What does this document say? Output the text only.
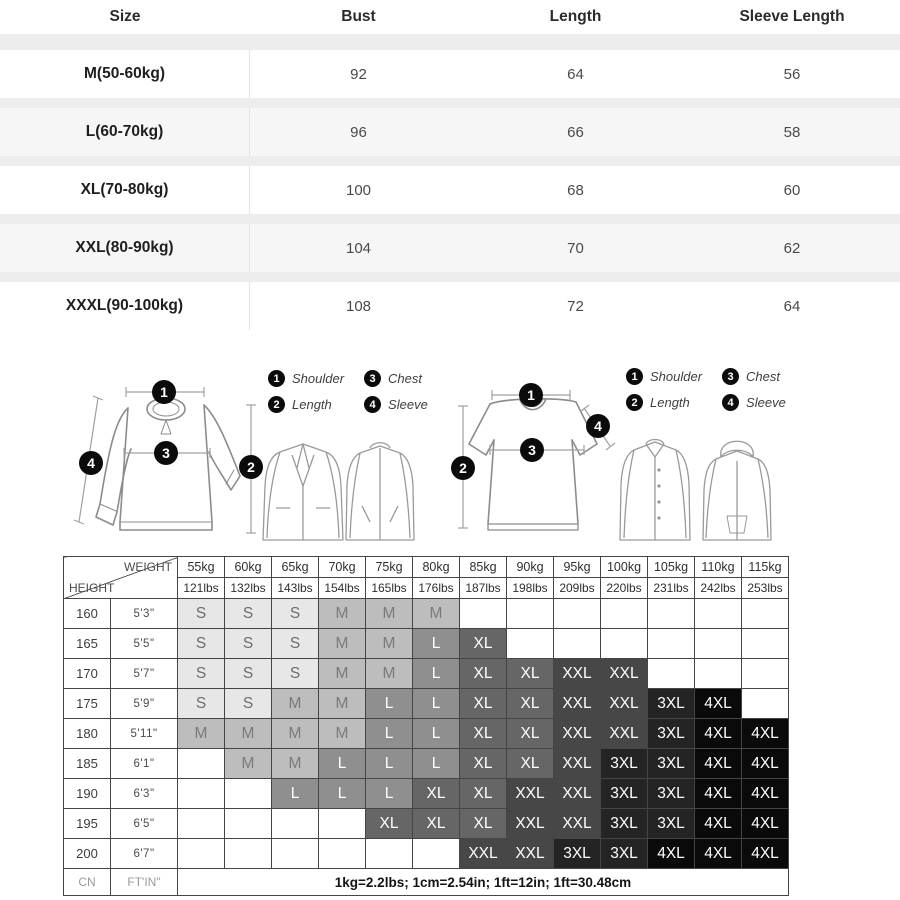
Size	Bust	Length	Sleeve Length
M(50-60kg)	92	64	56
L(60-70kg)	96	66	58
XL(70-80kg)	100	68	60
XXL(80-90kg)	104	70	62
XXXL(90-100kg)	108	72	64
1
2
3
4
1 Shoulder	3 Chest
2 Length	4 Sleeve
1
2
3
4
1 Shoulder	3 Chest
2 Length	4 Sleeve
WEIGHT
HEIGHT		55kg	60kg	65kg	70kg	75kg	80kg	85kg	90kg	95kg	100kg	105kg	110kg	115kg
		121lbs	132lbs	143lbs	154lbs	165lbs	176lbs	187lbs	198lbs	209lbs	220lbs	231lbs	242lbs	253lbs
160	5'3"	S	S	S	M	M	M							
165	5'5"	S	S	S	M	M	L	XL						
170	5'7"	S	S	S	M	M	L	XL	XL	XXL	XXL			
175	5'9"	S	S	M	M	L	L	XL	XL	XXL	XXL	3XL	4XL	
180	5'11"	M	M	M	M	L	L	XL	XL	XXL	XXL	3XL	4XL	4XL
185	6'1"		M	M	L	L	L	XL	XL	XXL	3XL	3XL	4XL	4XL
190	6'3"			L	L	L	XL	XL	XXL	XXL	3XL	3XL	4XL	4XL
195	6'5"					XL	XL	XL	XXL	XXL	3XL	3XL	4XL	4XL
200	6'7"							XXL	XXL	3XL	3XL	4XL	4XL	4XL
CN	FT'IN"	1kg=2.2lbs; 1cm=2.54in; 1ft=12in; 1ft=30.48cm												
